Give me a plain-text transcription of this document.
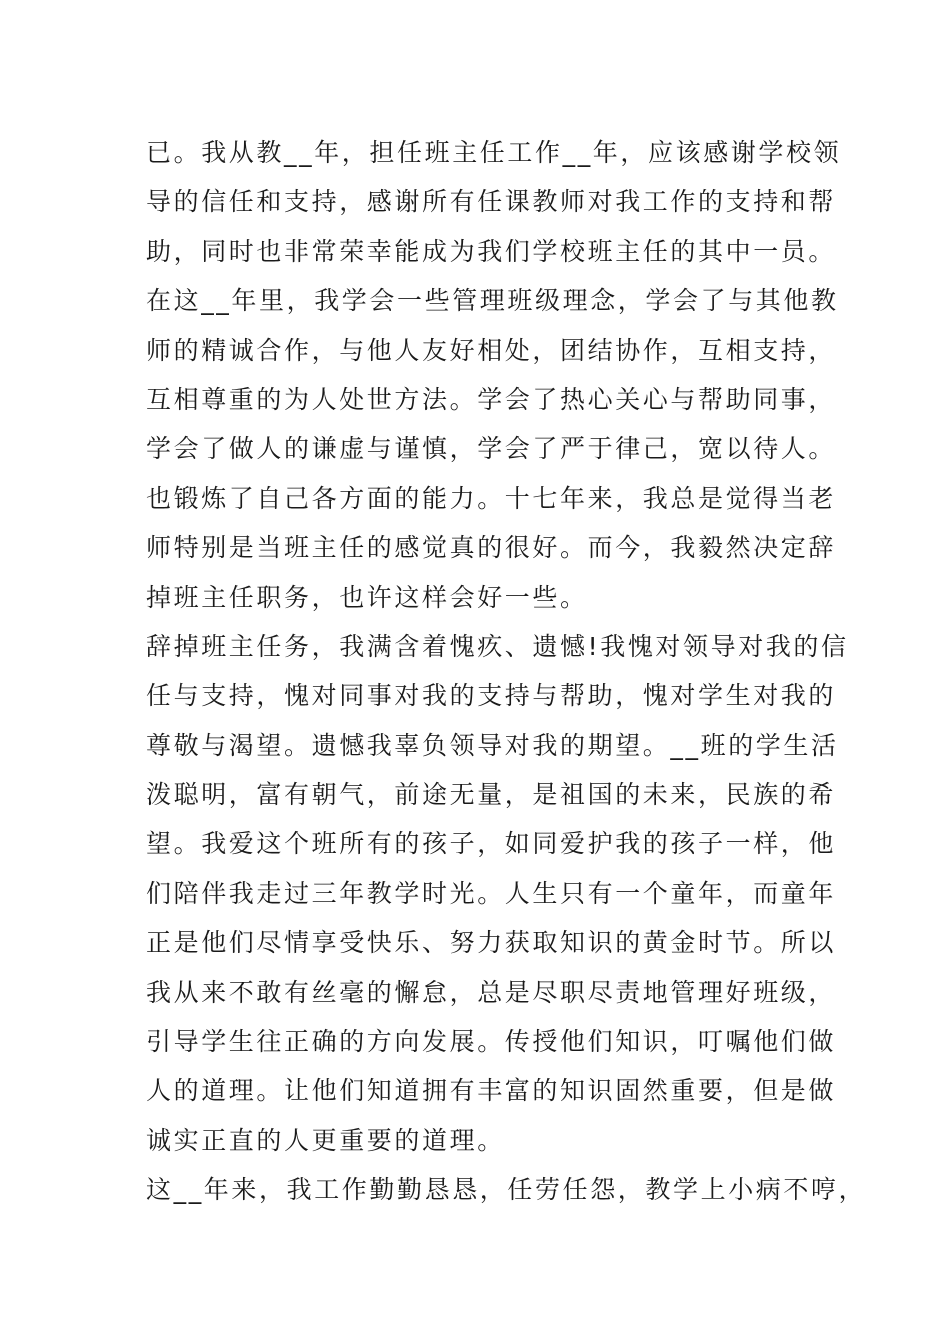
已。我从教__年，担任班主任工作__年，应该感谢学校领
导的信任和支持，感谢所有任课教师对我工作的支持和帮
助，同时也非常荣幸能成为我们学校班主任的其中一员。
在这__年里，我学会一些管理班级理念，学会了与其他教
师的精诚合作，与他人友好相处，团结协作，互相支持，
互相尊重的为人处世方法。学会了热心关心与帮助同事，
学会了做人的谦虚与谨慎，学会了严于律己，宽以待人。
也锻炼了自己各方面的能力。十七年来，我总是觉得当老
师特别是当班主任的感觉真的很好。而今，我毅然决定辞
掉班主任职务，也许这样会好一些。
辞掉班主任务，我满含着愧疚、遗憾!我愧对领导对我的信
任与支持，愧对同事对我的支持与帮助，愧对学生对我的
尊敬与渴望。遗憾我辜负领导对我的期望。__班的学生活
泼聪明，富有朝气，前途无量，是祖国的未来，民族的希
望。我爱这个班所有的孩子，如同爱护我的孩子一样，他
们陪伴我走过三年教学时光。人生只有一个童年，而童年
正是他们尽情享受快乐、努力获取知识的黄金时节。所以
我从来不敢有丝毫的懈怠，总是尽职尽责地管理好班级，
引导学生往正确的方向发展。传授他们知识，叮嘱他们做
人的道理。让他们知道拥有丰富的知识固然重要，但是做
诚实正直的人更重要的道理。
这__年来，我工作勤勤恳恳，任劳任怨，教学上小病不哼，
